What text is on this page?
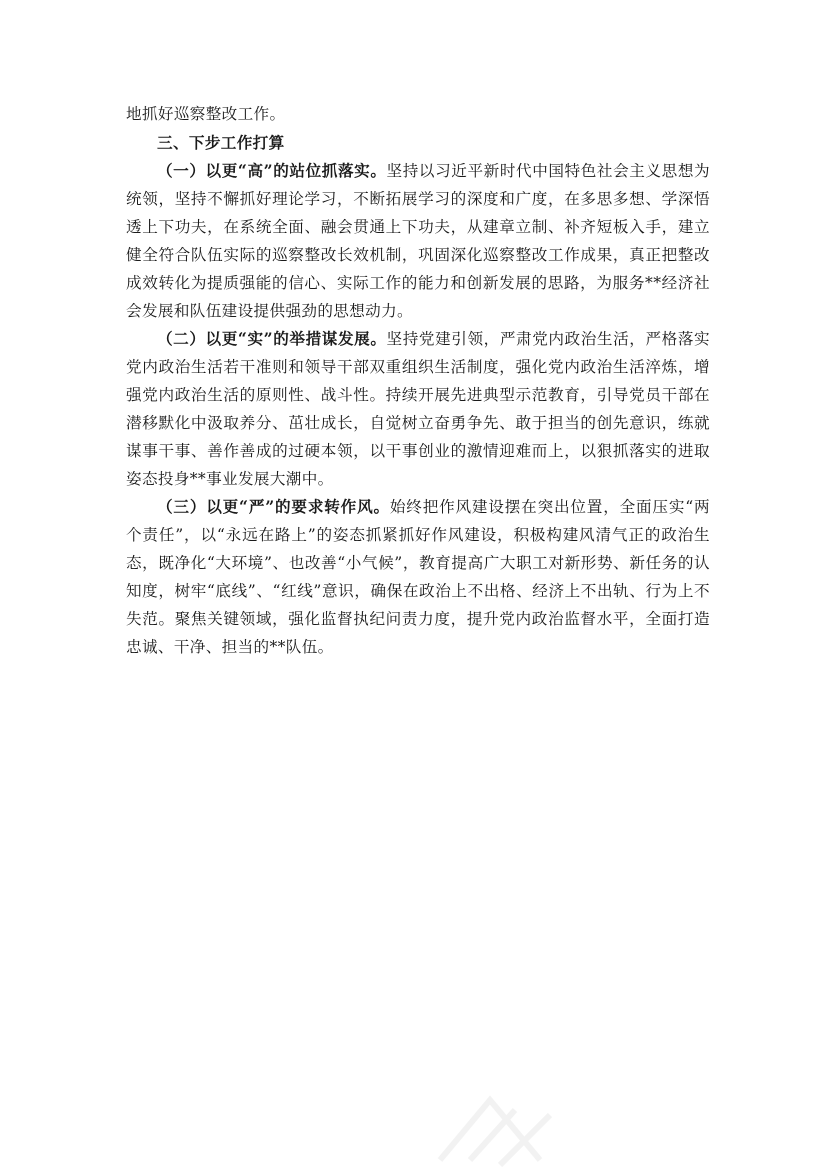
地抓好巡察整改工作。

三、下步工作打算

（一）以更“高”的站位抓落实。坚持以习近平新时代中国特色社会主义思想为统领，坚持不懈抓好理论学习，不断拓展学习的深度和广度，在多思多想、学深悟透上下功夫，在系统全面、融会贯通上下功夫，从建章立制、补齐短板入手，建立健全符合队伍实际的巡察整改长效机制，巩固深化巡察整改工作成果，真正把整改成效转化为提质强能的信心、实际工作的能力和创新发展的思路，为服务**经济社会发展和队伍建设提供强劲的思想动力。

（二）以更“实”的举措谋发展。坚持党建引领，严肃党内政治生活，严格落实党内政治生活若干准则和领导干部双重组织生活制度，强化党内政治生活淬炼，增强党内政治生活的原则性、战斗性。持续开展先进典型示范教育，引导党员干部在潜移默化中汲取养分、茁壮成长，自觉树立奋勇争先、敢于担当的创先意识，练就谋事干事、善作善成的过硬本领，以干事创业的激情迎难而上，以狠抓落实的进取姿态投身**事业发展大潮中。

（三）以更“严”的要求转作风。始终把作风建设摆在突出位置，全面压实“两个责任”，以“永远在路上”的姿态抓紧抓好作风建设，积极构建风清气正的政治生态，既净化“大环境”、也改善“小气候”，教育提高广大职工对新形势、新任务的认知度，树牢“底线”、“红线”意识，确保在政治上不出格、经济上不出轨、行为上不失范。聚焦关键领域，强化监督执纪问责力度，提升党内政治监督水平，全面打造忠诚、干净、担当的**队伍。
